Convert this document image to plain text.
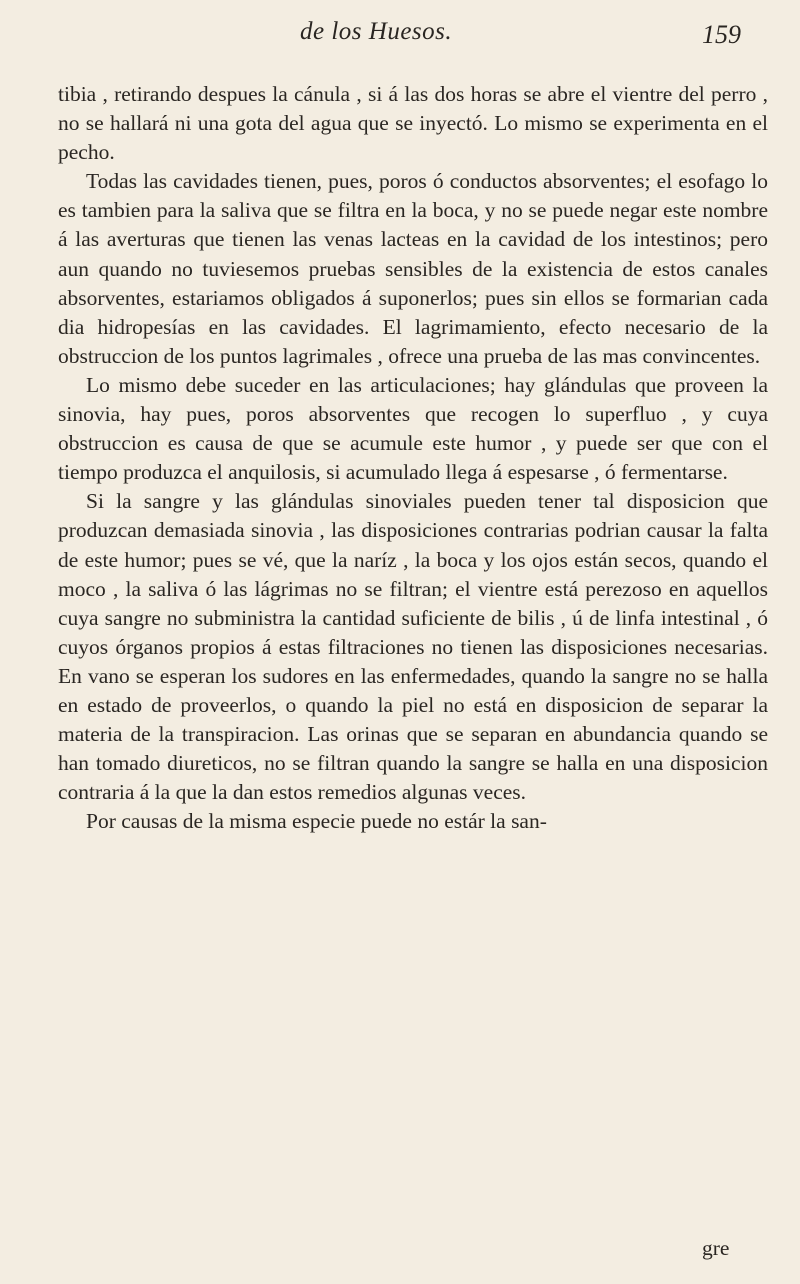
de los Huesos.	159

tibia , retirando despues la cánula , si á las dos horas se abre el vientre del perro , no se hallará ni una gota del agua que se inyectó. Lo mismo se experimenta en el pecho.

Todas las cavidades tienen, pues, poros ó conductos absorventes; el esofago lo es tambien para la saliva que se filtra en la boca, y no se puede negar este nombre á las averturas que tienen las venas lacteas en la cavidad de los intestinos; pero aun quando no tuviesemos pruebas sensibles de la existencia de estos canales absorventes, estariamos obligados á suponerlos; pues sin ellos se formarian cada dia hidropesías en las cavidades. El lagrimamiento, efecto necesario de la obstruccion de los puntos lagrimales , ofrece una prueba de las mas convincentes.

Lo mismo debe suceder en las articulaciones; hay glándulas que proveen la sinovia, hay pues, poros absorventes que recogen lo superfluo , y cuya obstruccion es causa de que se acumule este humor , y puede ser que con el tiempo produzca el anquilosis, si acumulado llega á espesarse , ó fermentarse.

Si la sangre y las glándulas sinoviales pueden tener tal disposicion que produzcan demasiada sinovia , las disposiciones contrarias podrian causar la falta de este humor; pues se vé, que la naríz , la boca y los ojos están secos, quando el moco , la saliva ó las lágrimas no se filtran; el vientre está perezoso en aquellos cuya sangre no subministra la cantidad suficiente de bilis , ú de linfa intestinal , ó cuyos órganos propios á estas filtraciones no tienen las disposiciones necesarias. En vano se esperan los sudores en las enfermedades, quando la sangre no se halla en estado de proveerlos, o quando la piel no está en disposicion de separar la materia de la transpiracion. Las orinas que se separan en abundancia quando se han tomado diureticos, no se filtran quando la sangre se halla en una disposicion contraria á la que la dan estos remedios algunas veces.

Por causas de la misma especie puede no estár la san-

gre
